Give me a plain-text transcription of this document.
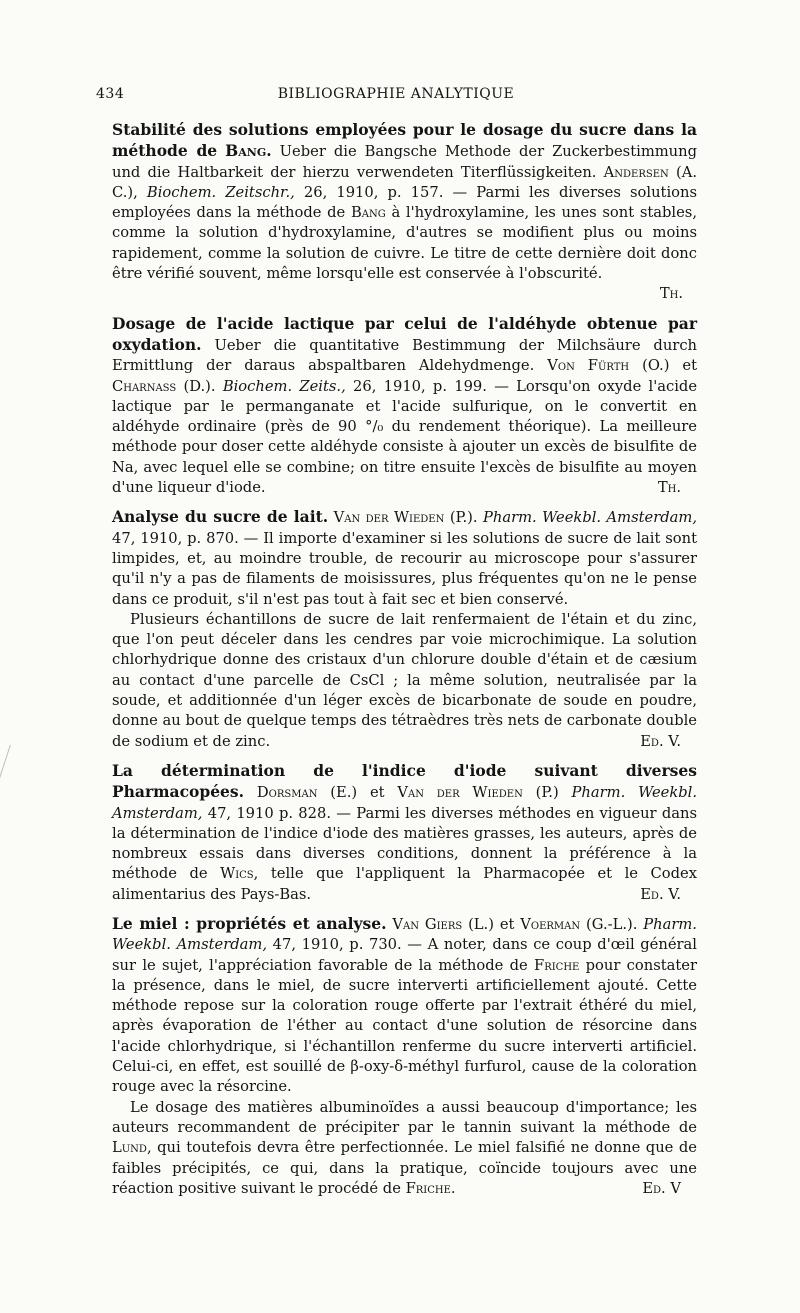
434	BIBLIOGRAPHIE ANALYTIQUE

Stabilité des solutions employées pour le dosage du sucre dans la méthode de Bang. Ueber die Bangsche Methode der Zuckerbestimmung und die Haltbarkeit der hierzu verwendeten Titerflüssigkeiten. Andersen (A. C.), Biochem. Zeitschr., 26, 1910, p. 157. — Parmi les diverses solutions employées dans la méthode de Bang à l'hydroxylamine, les unes sont stables, comme la solution d'hydroxylamine, d'autres se modifient plus ou moins rapidement, comme la solution de cuivre. Le titre de cette dernière doit donc être vérifié souvent, même lorsqu'elle est conservée à l'obscurité.

Th.

Dosage de l'acide lactique par celui de l'aldéhyde obtenue par oxydation. Ueber die quantitative Bestimmung der Milchsäure durch Ermittlung der daraus abspaltbaren Aldehydmenge. Von Fürth (O.) et Charnass (D.). Biochem. Zeits., 26, 1910, p. 199. — Lorsqu'on oxyde l'acide lactique par le permanganate et l'acide sulfurique, on le convertit en aldéhyde ordinaire (près de 90 °/₀ du rendement théorique). La meilleure méthode pour doser cette aldéhyde consiste à ajouter un excès de bisulfite de Na, avec lequel elle se combine; on titre ensuite l'excès de bisulfite au moyen d'une liqueur d'iode.	Th.

Analyse du sucre de lait. Van der Wieden (P.). Pharm. Weekbl. Amsterdam, 47, 1910, p. 870. — Il importe d'examiner si les solutions de sucre de lait sont limpides, et, au moindre trouble, de recourir au microscope pour s'assurer qu'il n'y a pas de filaments de moisissures, plus fréquentes qu'on ne le pense dans ce produit, s'il n'est pas tout à fait sec et bien conservé.

Plusieurs échantillons de sucre de lait renfermaient de l'étain et du zinc, que l'on peut déceler dans les cendres par voie microchimique. La solution chlorhydrique donne des cristaux d'un chlorure double d'étain et de cæsium au contact d'une parcelle de CsCl ; la même solution, neutralisée par la soude, et additionnée d'un léger excès de bicarbonate de soude en poudre, donne au bout de quelque temps des tétraèdres très nets de carbonate double de sodium et de zinc.	Ed. V.

La détermination de l'indice d'iode suivant diverses Pharmacopées. Dorsman (E.) et Van der Wieden (P.) Pharm. Weekbl. Amsterdam, 47, 1910 p. 828. — Parmi les diverses méthodes en vigueur dans la détermination de l'indice d'iode des matières grasses, les auteurs, après de nombreux essais dans diverses conditions, donnent la préférence à la méthode de Wics, telle que l'appliquent la Pharmacopée et le Codex alimentarius des Pays-Bas.	Ed. V.

Le miel : propriétés et analyse. Van Giers (L.) et Voerman (G.-L.). Pharm. Weekbl. Amsterdam, 47, 1910, p. 730. — A noter, dans ce coup d'œil général sur le sujet, l'appréciation favorable de la méthode de Friche pour constater la présence, dans le miel, de sucre interverti artificiellement ajouté. Cette méthode repose sur la coloration rouge offerte par l'extrait éthéré du miel, après évaporation de l'éther au contact d'une solution de résorcine dans l'acide chlorhydrique, si l'échantillon renferme du sucre interverti artificiel. Celui-ci, en effet, est souillé de β-oxy-δ-méthyl furfurol, cause de la coloration rouge avec la résorcine.

Le dosage des matières albuminoïdes a aussi beaucoup d'importance; les auteurs recommandent de précipiter par le tannin suivant la méthode de Lund, qui toutefois devra être perfectionnée. Le miel falsifié ne donne que de faibles précipités, ce qui, dans la pratique, coïncide toujours avec une réaction positive suivant le procédé de Friche.	Ed. V
